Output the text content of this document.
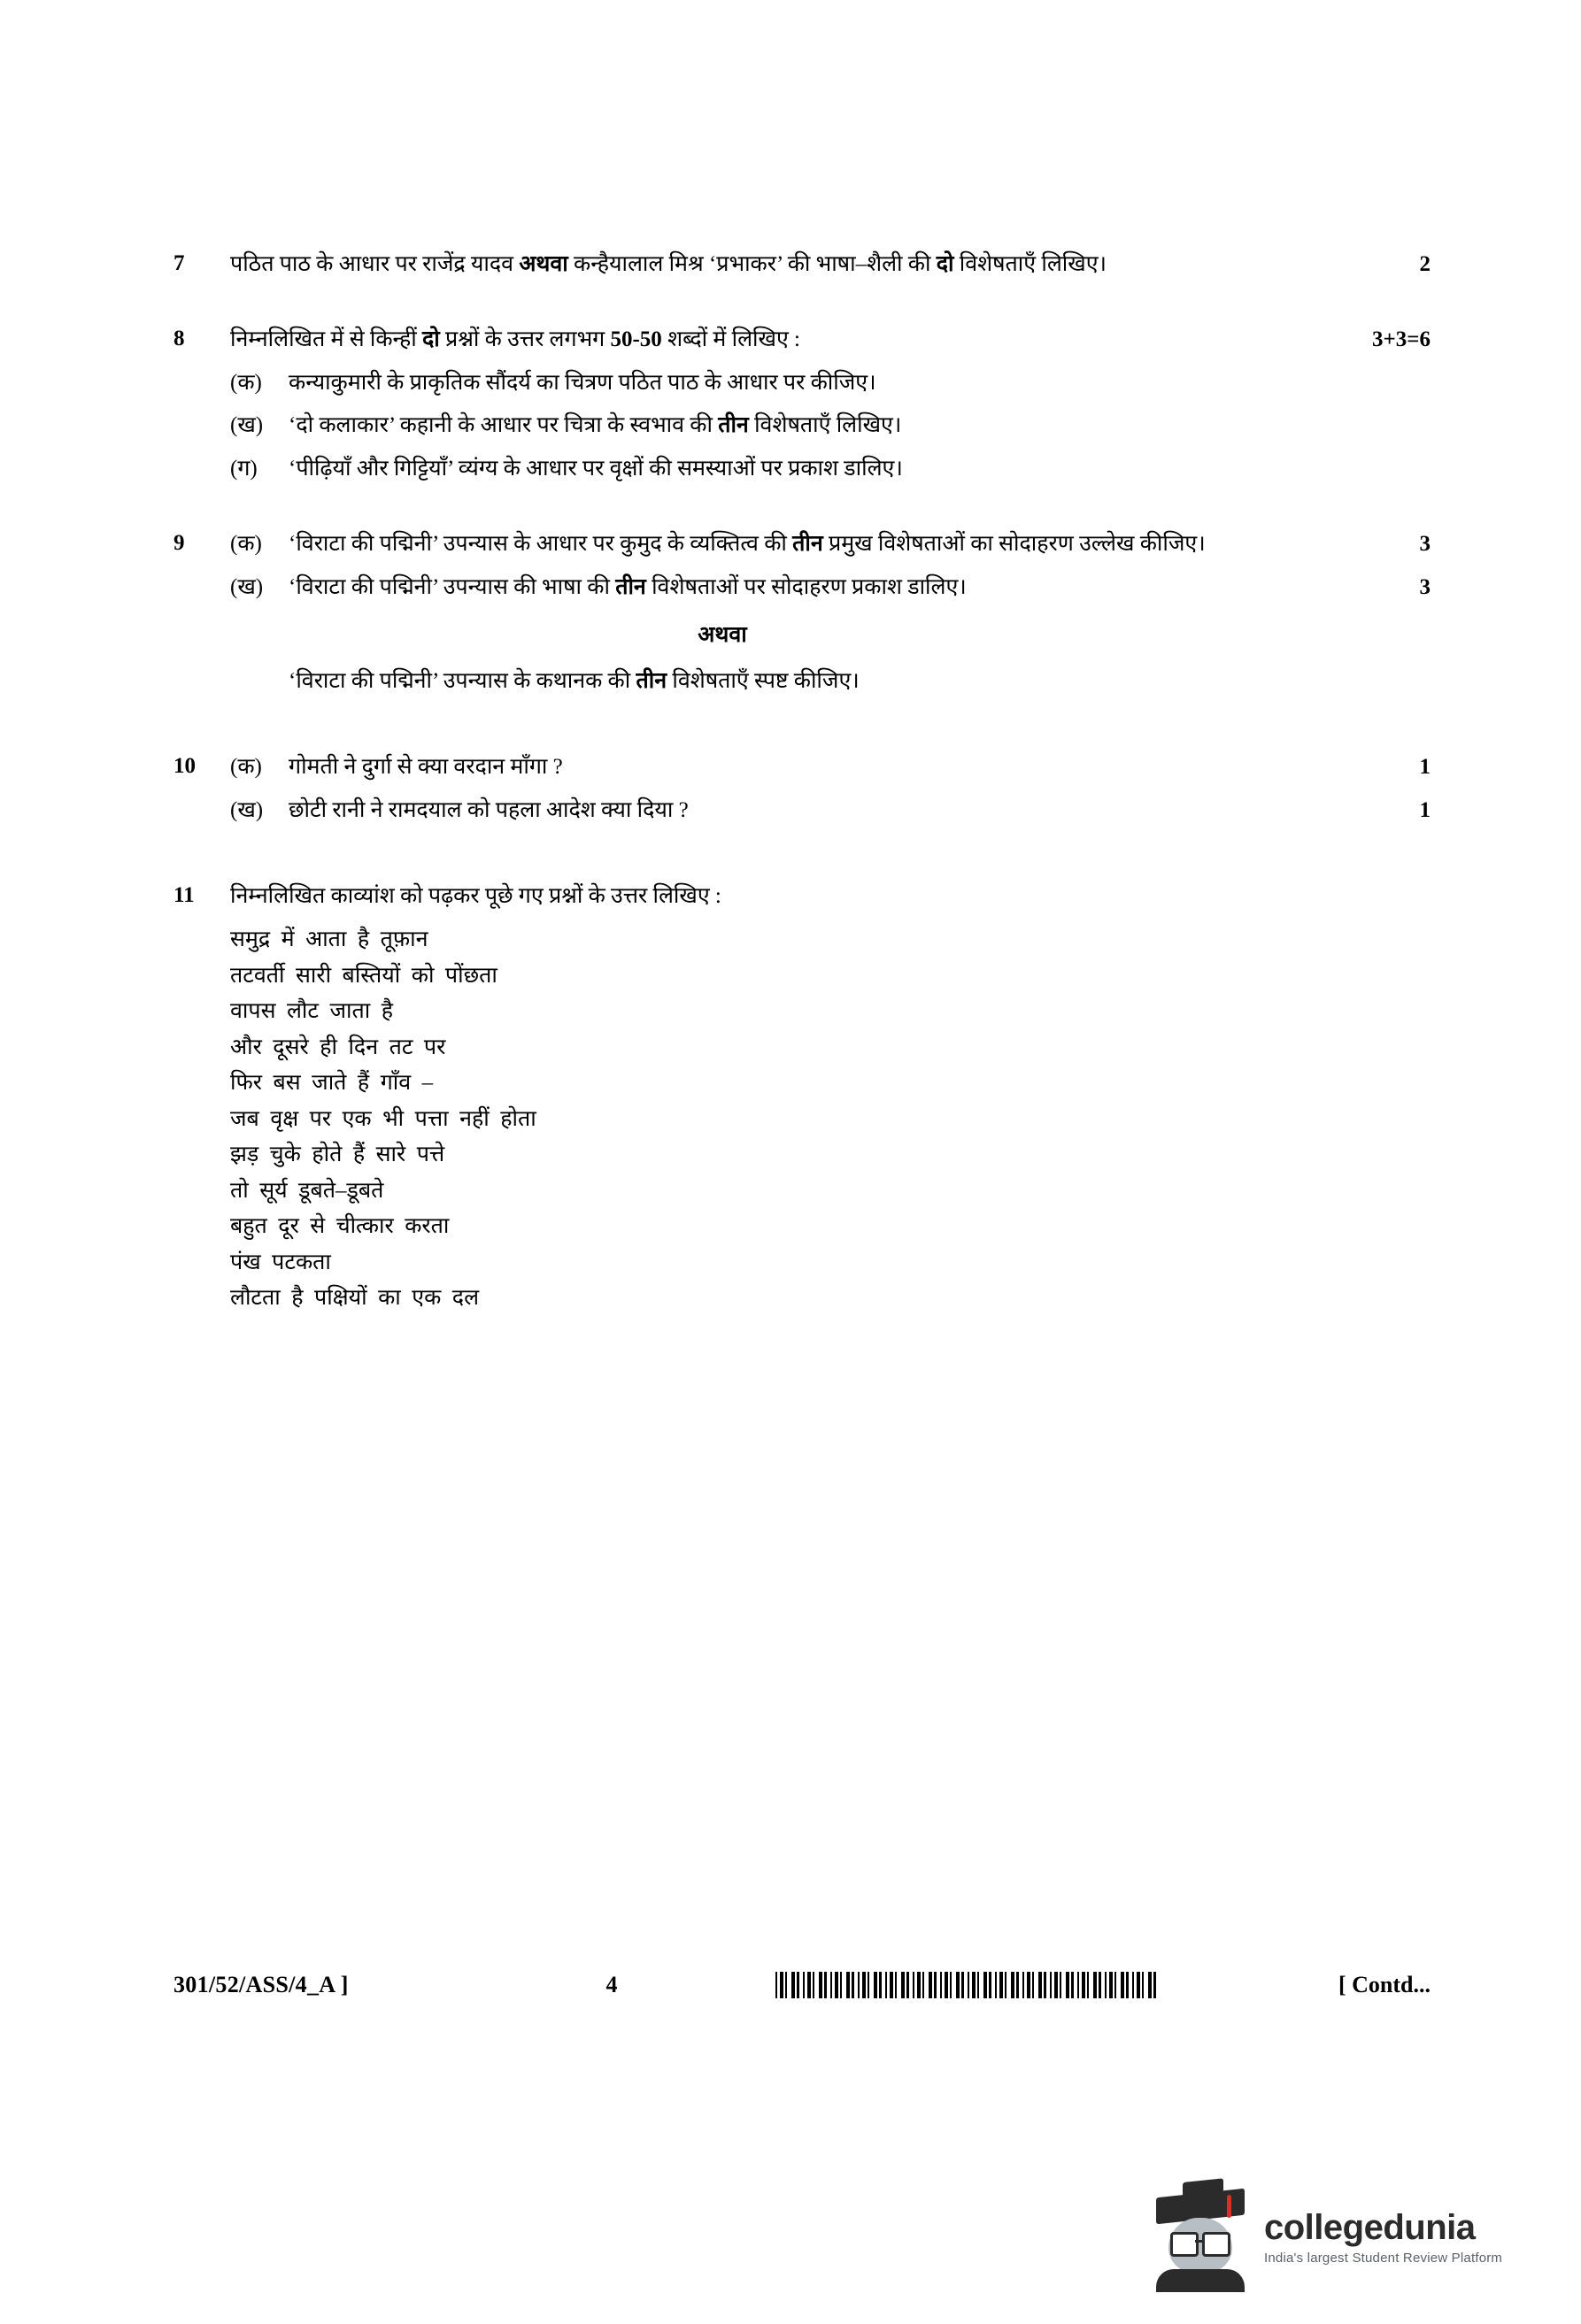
7	पठित पाठ के आधार पर राजेंद्र यादव अथवा कन्हैयालाल मिश्र ‘प्रभाकर’ की भाषा–शैली की दो विशेषताएँ लिखिए।	2
8	निम्नलिखित में से किन्हीं दो प्रश्नों के उत्तर लगभग 50-50 शब्दों में लिखिए :	3+3=6
(क)	कन्याकुमारी के प्राकृतिक सौंदर्य का चित्रण पठित पाठ के आधार पर कीजिए।
(ख)	‘दो कलाकार’ कहानी के आधार पर चित्रा के स्वभाव की तीन विशेषताएँ लिखिए।
(ग)	‘पीढ़ियाँ और गिट्टियाँ’ व्यंग्य के आधार पर वृक्षों की समस्याओं पर प्रकाश डालिए।
9	(क)	‘विराटा की पद्मिनी’ उपन्यास के आधार पर कुमुद के व्यक्तित्व की तीन प्रमुख विशेषताओं का सोदाहरण उल्लेख कीजिए।	3
(ख)	‘विराटा की पद्मिनी’ उपन्यास की भाषा की तीन विशेषताओं पर सोदाहरण प्रकाश डालिए।	3
अथवा
‘विराटा की पद्मिनी’ उपन्यास के कथानक की तीन विशेषताएँ स्पष्ट कीजिए।
10	(क)	गोमती ने दुर्गा से क्या वरदान माँगा ?	1
(ख)	छोटी रानी ने रामदयाल को पहला आदेश क्या दिया ?	1
11	निम्नलिखित काव्यांश को पढ़कर पूछे गए प्रश्नों के उत्तर लिखिए :
समुद्र  में  आता  है  तूफ़ान
तटवर्ती  सारी  बस्तियों  को  पोंछता
वापस  लौट  जाता  है
और  दूसरे  ही  दिन  तट  पर
फिर  बस  जाते  हैं  गाँव  –
जब  वृक्ष  पर  एक  भी  पत्ता  नहीं  होता
झड़  चुके  होते  हैं  सारे  पत्ते
तो  सूर्य  डूबते–डूबते
बहुत  दूर  से  चीत्कार  करता
पंख  पटकता
लौटता  है  पक्षियों  का  एक  दल
301/52/ASS/4_A ]	4	[ Contd...
collegedunia
India's largest Student Review Platform
